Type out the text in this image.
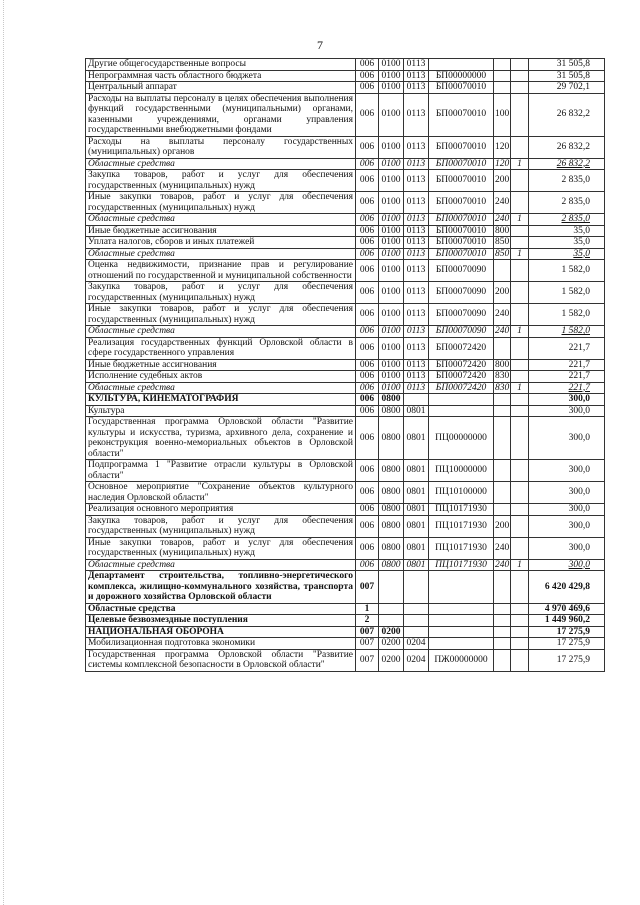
7
Другие общегосударственные вопросы	006	0100	0113				31 505,8
Непрограммная часть областного бюджета	006	0100	0113	БП00000000			31 505,8
Центральный аппарат	006	0100	0113	БП00070010			29 702,1
Расходы на выплаты персоналу в целях обеспечения выполнения функций государственными (муниципальными) органами, казенными учреждениями, органами управления государственными внебюджетными фондами	006	0100	0113	БП00070010	100		26 832,2
Расходы на выплаты персоналу государственных (муниципальных) органов	006	0100	0113	БП00070010	120		26 832,2
Областные средства	006	0100	0113	БП00070010	120	1	26 832,2
Закупка товаров, работ и услуг для обеспечения государственных (муниципальных) нужд	006	0100	0113	БП00070010	200		2 835,0
Иные закупки товаров, работ и услуг для обеспечения государственных (муниципальных) нужд	006	0100	0113	БП00070010	240		2 835,0
Областные средства	006	0100	0113	БП00070010	240	1	2 835,0
Иные бюджетные ассигнования	006	0100	0113	БП00070010	800		35,0
Уплата налогов, сборов и иных платежей	006	0100	0113	БП00070010	850		35,0
Областные средства	006	0100	0113	БП00070010	850	1	35,0
Оценка недвижимости, признание прав и регулирование отношений по государственной и муниципальной собственности	006	0100	0113	БП00070090			1 582,0
Закупка товаров, работ и услуг для обеспечения государственных (муниципальных) нужд	006	0100	0113	БП00070090	200		1 582,0
Иные закупки товаров, работ и услуг для обеспечения государственных (муниципальных) нужд	006	0100	0113	БП00070090	240		1 582,0
Областные средства	006	0100	0113	БП00070090	240	1	1 582,0
Реализация государственных функций Орловской области в сфере государственного управления	006	0100	0113	БП00072420			221,7
Иные бюджетные ассигнования	006	0100	0113	БП00072420	800		221,7
Исполнение судебных актов	006	0100	0113	БП00072420	830		221,7
Областные средства	006	0100	0113	БП00072420	830	1	221,7
КУЛЬТУРА, КИНЕМАТОГРАФИЯ	006	0800					300,0
Культура	006	0800	0801				300,0
Государственная программа Орловской области "Развитие культуры и искусства, туризма, архивного дела, сохранение и реконструкция военно-мемориальных объектов в Орловской области"	006	0800	0801	ПЦ00000000			300,0
Подпрограмма 1 "Развитие отрасли культуры в Орловской области"	006	0800	0801	ПЦ10000000			300,0
Основное мероприятие "Сохранение объектов культурного наследия Орловской области"	006	0800	0801	ПЦ10100000			300,0
Реализация основного мероприятия	006	0800	0801	ПЦ10171930			300,0
Закупка товаров, работ и услуг для обеспечения государственных (муниципальных) нужд	006	0800	0801	ПЦ10171930	200		300,0
Иные закупки товаров, работ и услуг для обеспечения государственных (муниципальных) нужд	006	0800	0801	ПЦ10171930	240		300,0
Областные средства	006	0800	0801	ПЦ10171930	240	1	300,0
Департамент строительства, топливно-энергетического комплекса, жилищно-коммунального хозяйства, транспорта и дорожного хозяйства Орловской области	007						6 420 429,8
Областные средства	1						4 970 469,6
Целевые безвозмездные поступления	2						1 449 960,2
НАЦИОНАЛЬНАЯ ОБОРОНА	007	0200					17 275,9
Мобилизационная подготовка экономики	007	0200	0204				17 275,9
Государственная программа Орловской области "Развитие системы комплексной безопасности в Орловской области"	007	0200	0204	ПЖ00000000			17 275,9
